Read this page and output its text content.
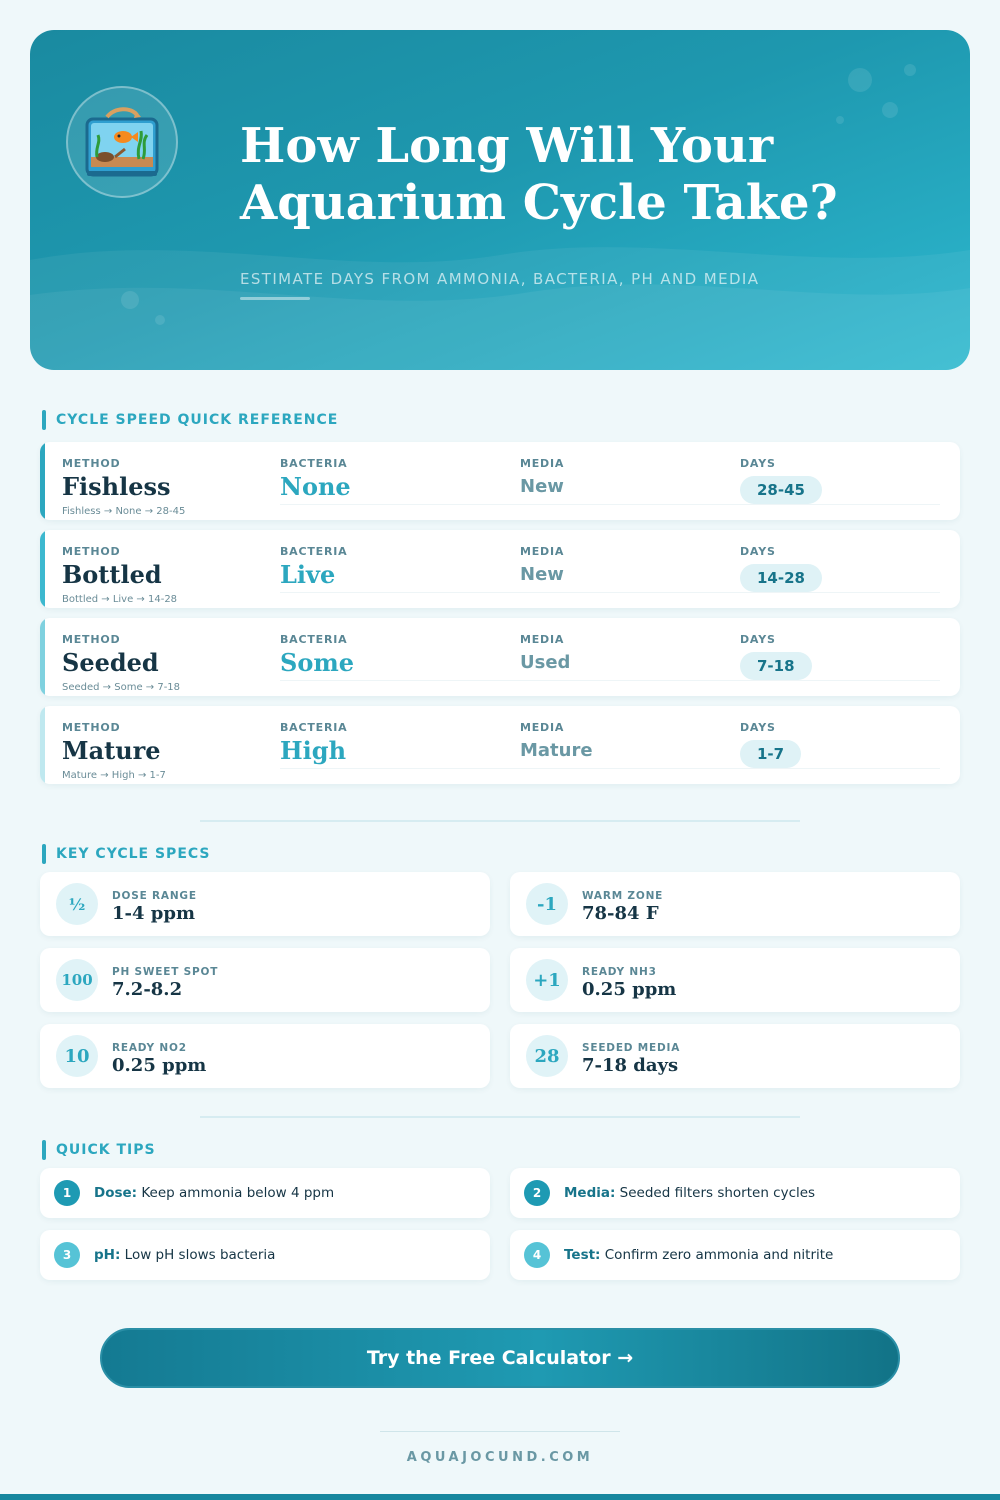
How Long Will Your
Aquarium Cycle Take?
ESTIMATE DAYS FROM AMMONIA, BACTERIA, PH AND MEDIA
CYCLE SPEED QUICK REFERENCE
METHOD
Fishless
BACTERIA
None
MEDIA
New
DAYS
28-45
Fishless → None → 28-45
METHOD
Bottled
BACTERIA
Live
MEDIA
New
DAYS
14-28
Bottled → Live → 14-28
METHOD
Seeded
BACTERIA
Some
MEDIA
Used
DAYS
7-18
Seeded → Some → 7-18
METHOD
Mature
BACTERIA
High
MEDIA
Mature
DAYS
1-7
Mature → High → 1-7
KEY CYCLE SPECS
½	DOSE RANGE
1-4 ppm	-1	WARM ZONE
78-84 F
100	PH SWEET SPOT
7.2-8.2	+1	READY NH3
0.25 ppm
10	READY NO2
0.25 ppm	28	SEEDED MEDIA
7-18 days
QUICK TIPS
1	Dose: Keep ammonia below 4 ppm	2	Media: Seeded filters shorten cycles
3	pH: Low pH slows bacteria	4	Test: Confirm zero ammonia and nitrite
Try the Free Calculator →
AQUAJOCUND.COM
